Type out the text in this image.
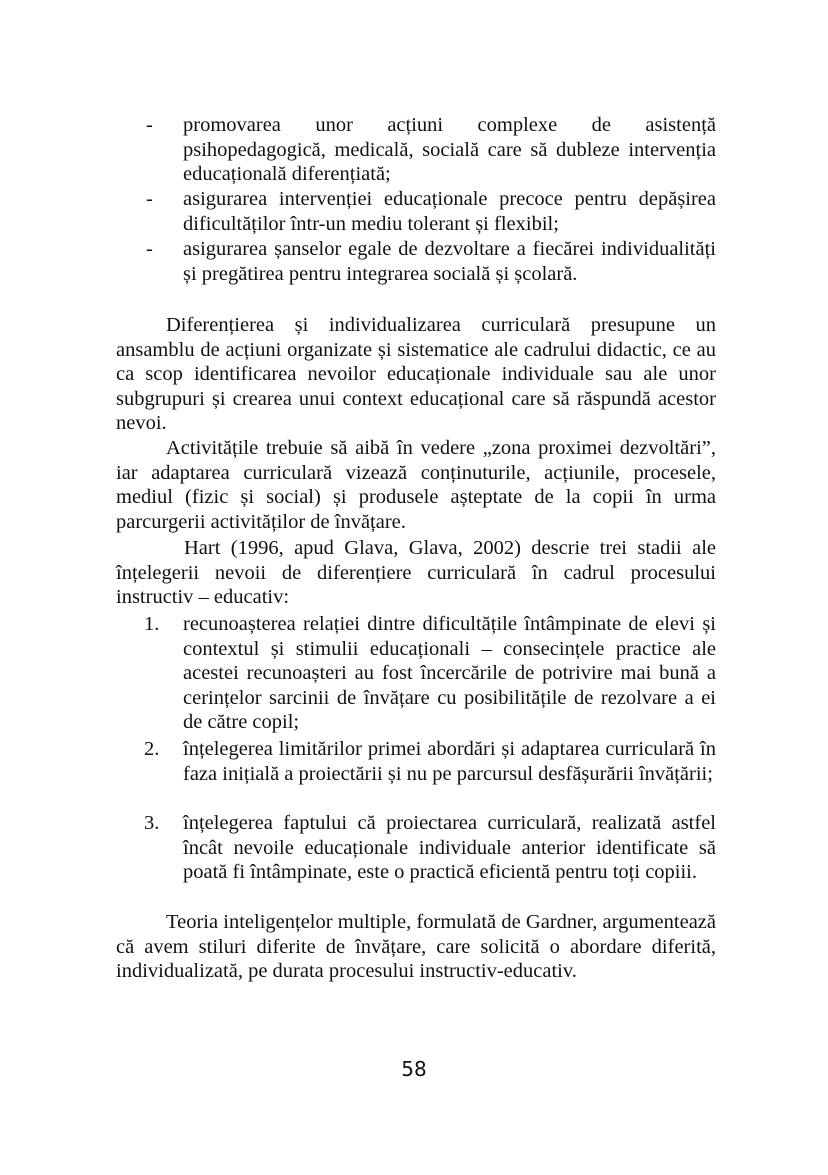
- promovarea unor acțiuni complexe de asistență psihopedagogică, medicală, socială care să dubleze intervenția educațională diferențiată;
- asigurarea intervenției educaționale precoce pentru depășirea dificultăților într-un mediu tolerant și flexibil;
- asigurarea șanselor egale de dezvoltare a fiecărei individualități și pregătirea pentru integrarea socială și școlară.
Diferențierea și individualizarea curriculară presupune un ansamblu de acțiuni organizate și sistematice ale cadrului didactic, ce au ca scop identificarea nevoilor educaționale individuale sau ale unor subgrupuri și crearea unui context educațional care să răspundă acestor nevoi.
Activitățile trebuie să aibă în vedere „zona proximei dezvoltări”, iar adaptarea curriculară vizează conținuturile, acțiunile, procesele, mediul (fizic și social) și produsele așteptate de la copii în urma parcurgerii activităților de învățare.
Hart (1996, apud Glava, Glava, 2002) descrie trei stadii ale înțelegerii nevoii de diferențiere curriculară în cadrul procesului instructiv – educativ:
1. recunoașterea relației dintre dificultățile întâmpinate de elevi și contextul și stimulii educaționali – consecințele practice ale acestei recunoașteri au fost încercările de potrivire mai bună a cerințelor sarcinii de învățare cu posibilitățile de rezolvare a ei de către copil;
2. înțelegerea limitărilor primei abordări și adaptarea curriculară în faza inițială a proiectării și nu pe parcursul desfășurării învățării;
3. înțelegerea faptului că proiectarea curriculară, realizată astfel încât nevoile educaționale individuale anterior identificate să poată fi întâmpinate, este o practică eficientă pentru toți copiii.
Teoria inteligențelor multiple, formulată de Gardner, argumentează că avem stiluri diferite de învățare, care solicită o abordare diferită, individualizată, pe durata procesului instructiv-educativ.
58
